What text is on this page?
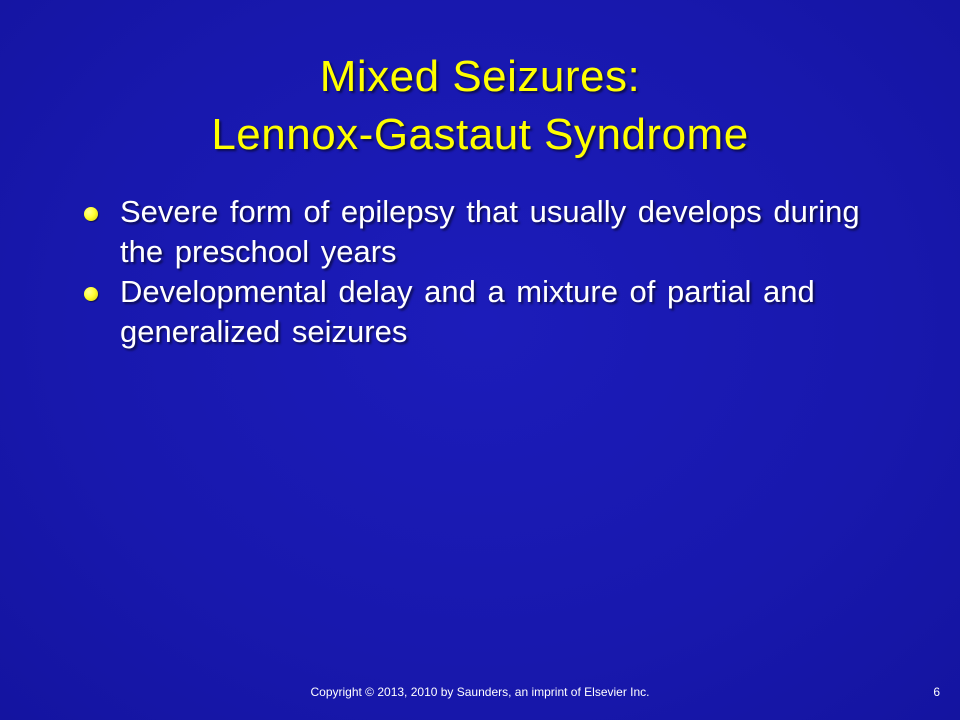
Mixed Seizures:
Lennox-Gastaut Syndrome
Severe form of epilepsy that usually develops during the preschool years
Developmental delay and a mixture of partial and generalized seizures
Copyright © 2013, 2010 by Saunders, an imprint of Elsevier Inc.	6
